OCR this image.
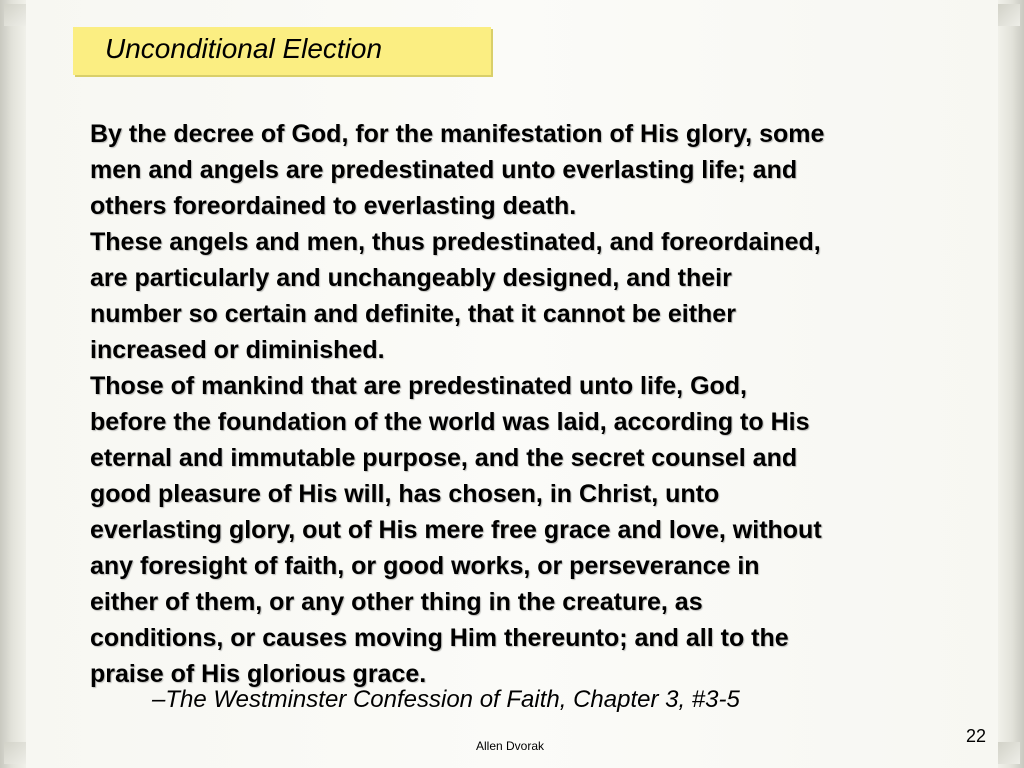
Unconditional Election
By the decree of God, for the manifestation of His glory, some
men and angels are predestinated unto everlasting life; and
others foreordained to everlasting death.
These angels and men, thus predestinated, and foreordained,
are particularly and unchangeably designed, and their
number so certain and definite, that it cannot be either
increased or diminished.
Those of mankind that are predestinated unto life, God,
before the foundation of the world was laid, according to His
eternal and immutable purpose, and the secret counsel and
good pleasure of His will, has chosen, in Christ, unto
everlasting glory, out of His mere free grace and love, without
any foresight of faith, or good works, or perseverance in
either of them, or any other thing in the creature, as
conditions, or causes moving Him thereunto; and all to the
praise of His glorious grace.
–The Westminster Confession of Faith, Chapter 3, #3-5
Allen Dvorak	22
